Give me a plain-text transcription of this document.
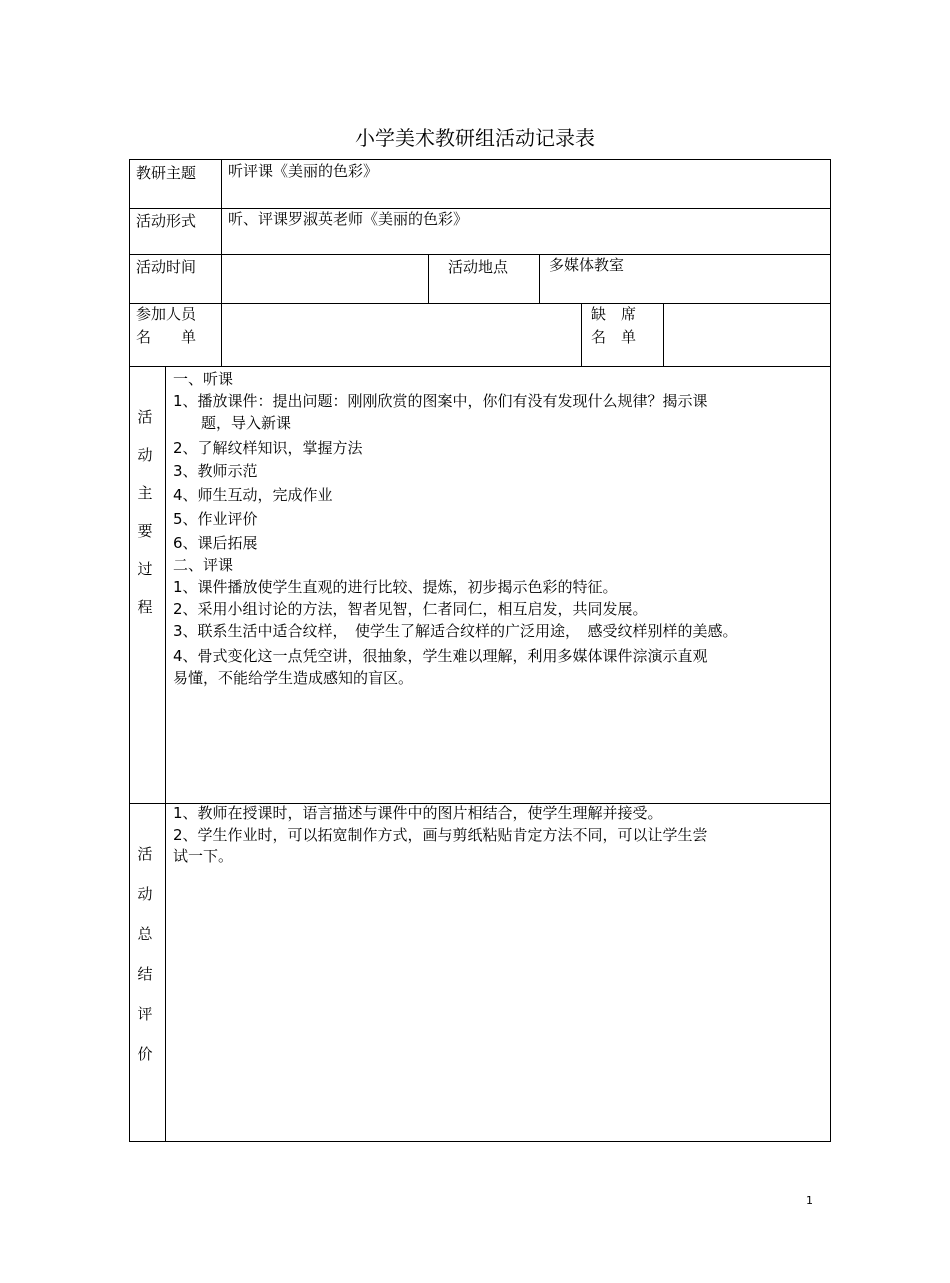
小学美术教研组活动记录表
教研主题 听评课《美丽的色彩》
活动形式 听、评课罗淑英老师《美丽的色彩》
活动时间	活动地点	多媒体教室
参加人员
名　　单
缺　席
名　单
活
动
主
要
过
程
一、听课
1、播放课件：提出问题：刚刚欣赏的图案中，你们有没有发现什么规律？揭示课
　题，导入新课
2、了解纹样知识，掌握方法
3、教师示范
4、师生互动，完成作业
5、作业评价
6、课后拓展
二、评课
1、课件播放使学生直观的进行比较、提炼，初步揭示色彩的特征。
2、采用小组讨论的方法，智者见智，仁者同仁，相互启发，共同发展。
3、联系生活中适合纹样，　使学生了解适合纹样的广泛用途，　感受纹样别样的美感。
4、骨式变化这一点凭空讲，很抽象，学生难以理解，利用多媒体课件淙演示直观
易懂，不能给学生造成感知的盲区。
活
动
总
结
评
价
1、教师在授课时，语言描述与课件中的图片相结合，使学生理解并接受。
2、学生作业时，可以拓宽制作方式，画与剪纸粘贴肯定方法不同，可以让学生尝
试一下。
1
